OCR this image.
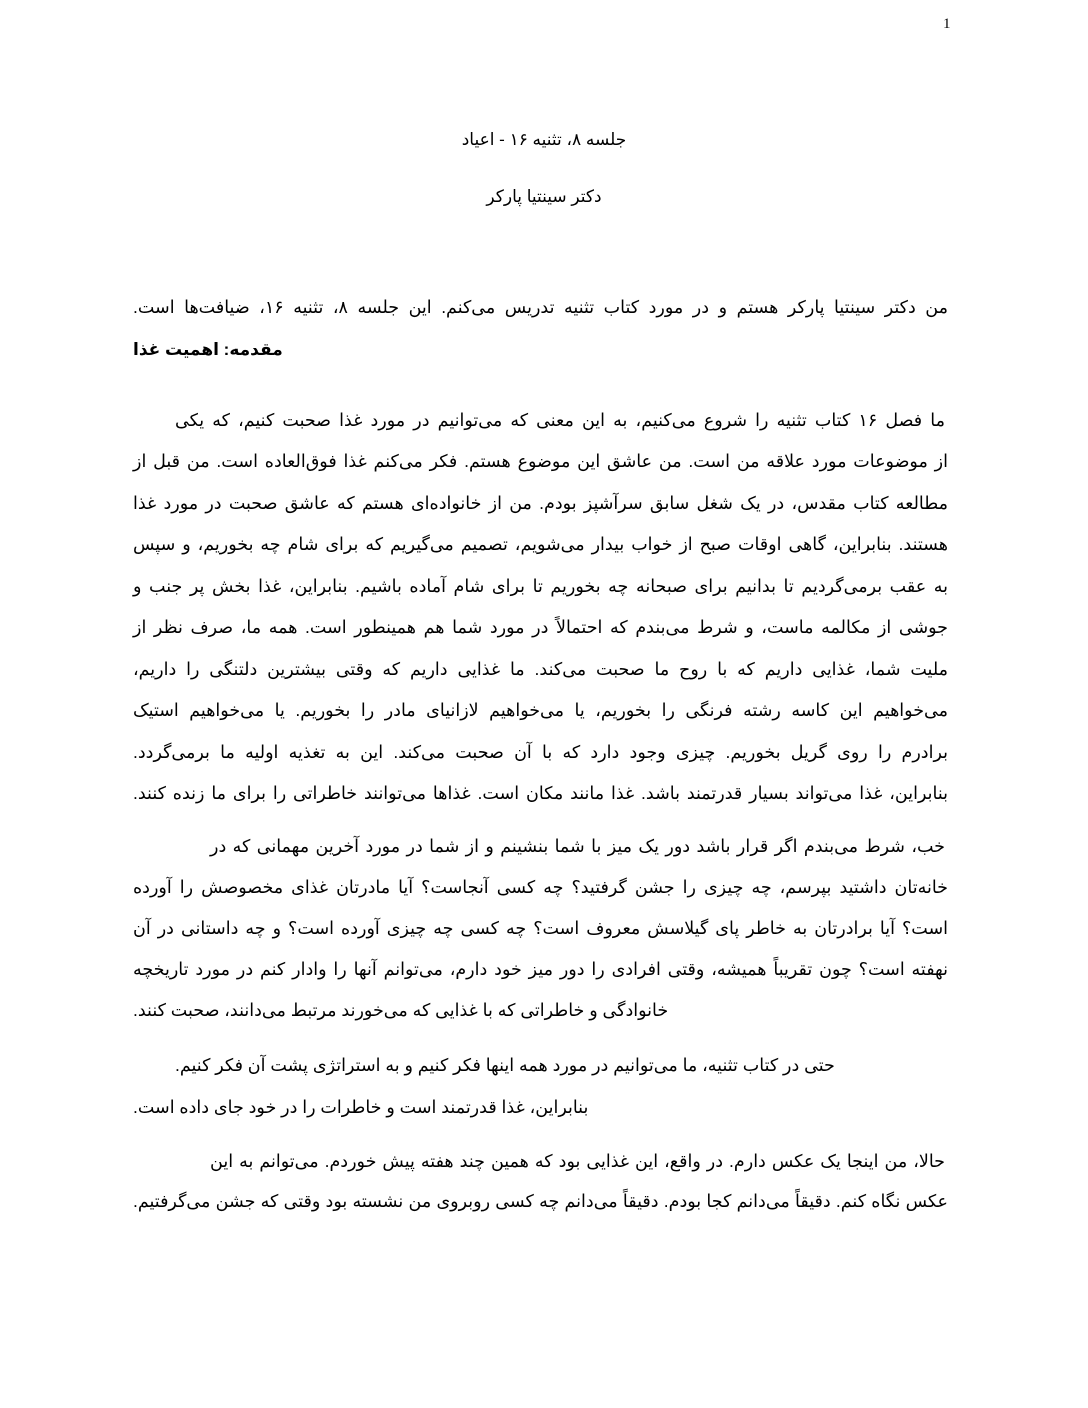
1
جلسه ۸، تثنیه ۱۶ - اعیاد
دکتر سینتیا پارکر
من دکتر سینتیا پارکر هستم و در مورد کتاب تثنیه تدریس می‌کنم. این جلسه ۸، تثنیه ۱۶، ضیافت‌ها است.
مقدمه: اهمیت غذا
ما فصل ۱۶ کتاب تثنیه را شروع می‌کنیم، به این معنی که می‌توانیم در مورد غذا صحبت کنیم، که یکی
از موضوعات مورد علاقه من است. من عاشق این موضوع هستم. فکر می‌کنم غذا فوق‌العاده است. من قبل از
مطالعه کتاب مقدس، در یک شغل سابق سرآشپز بودم. من از خانواده‌ای هستم که عاشق صحبت در مورد غذا
هستند. بنابراین، گاهی اوقات صبح از خواب بیدار می‌شویم، تصمیم می‌گیریم که برای شام چه بخوریم، و سپس
به عقب برمی‌گردیم تا بدانیم برای صبحانه چه بخوریم تا برای شام آماده باشیم. بنابراین، غذا بخش پر جنب و
جوشی از مکالمه ماست، و شرط می‌بندم که احتمالاً در مورد شما هم همینطور است. همه ما، صرف نظر از
ملیت شما، غذایی داریم که با روح ما صحبت می‌کند. ما غذایی داریم که وقتی بیشترین دلتنگی را داریم،
می‌خواهیم این کاسه رشته فرنگی را بخوریم، یا می‌خواهیم لازانیای مادر را بخوریم. یا می‌خواهیم استیک
برادرم را روی گریل بخوریم. چیزی وجود دارد که با آن صحبت می‌کند. این به تغذیه اولیه ما برمی‌گردد.
بنابراین، غذا می‌تواند بسیار قدرتمند باشد. غذا مانند مکان است. غذاها می‌توانند خاطراتی را برای ما زنده کنند.
خب، شرط می‌بندم اگر قرار باشد دور یک میز با شما بنشینم و از شما در مورد آخرین مهمانی که در
خانه‌تان داشتید بپرسم، چه چیزی را جشن گرفتید؟ چه کسی آنجاست؟ آیا مادرتان غذای مخصوصش را آورده
است؟ آیا برادرتان به خاطر پای گیلاسش معروف است؟ چه کسی چه چیزی آورده است؟ و چه داستانی در آن
نهفته است؟ چون تقریباً همیشه، وقتی افرادی را دور میز خود دارم، می‌توانم آنها را وادار کنم در مورد تاریخچه
خانوادگی و خاطراتی که با غذایی که می‌خورند مرتبط می‌دانند، صحبت کنند.
حتی در کتاب تثنیه، ما می‌توانیم در مورد همه اینها فکر کنیم و به استراتژی پشت آن فکر کنیم.
بنابراین، غذا قدرتمند است و خاطرات را در خود جای داده است.
حالا، من اینجا یک عکس دارم. در واقع، این غذایی بود که همین چند هفته پیش خوردم. می‌توانم به این
عکس نگاه کنم. دقیقاً می‌دانم کجا بودم. دقیقاً می‌دانم چه کسی روبروی من نشسته بود وقتی که جشن می‌گرفتیم.
